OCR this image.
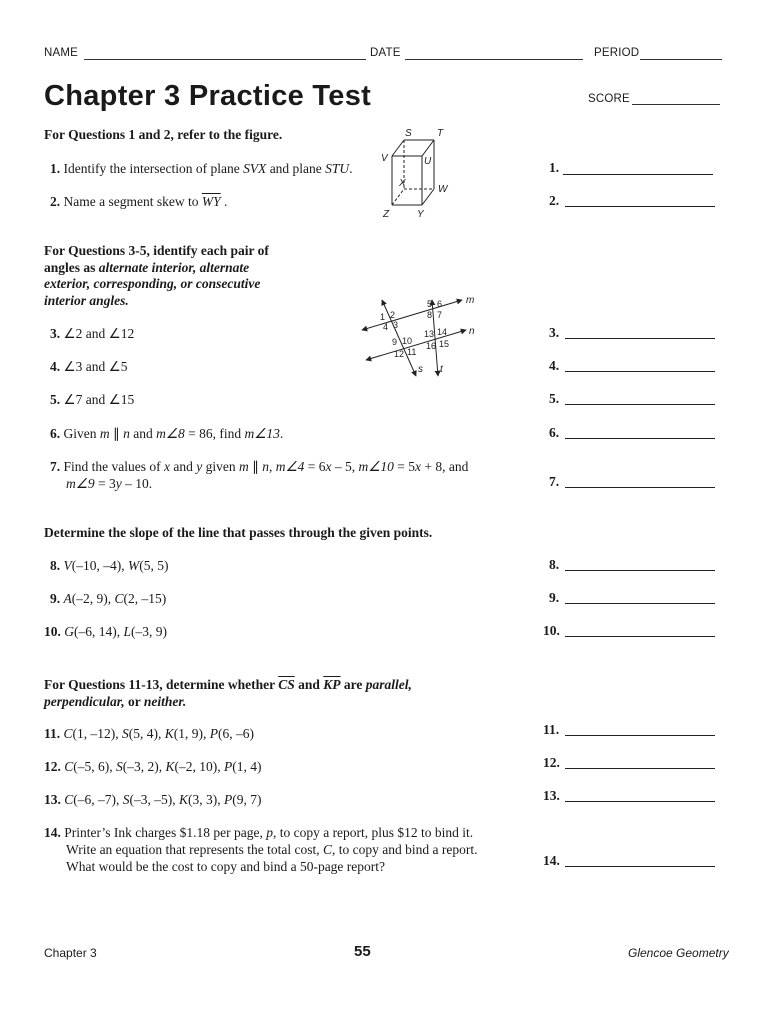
NAME	DATE	PERIOD
Chapter 3 Practice Test	SCORE
For Questions 1 and 2, refer to the figure.	S	T
V	U
X
W
Z	Y
1. Identify the intersection of plane SVX and plane STU.
2. Name a segment skew to $\overline{WY}$ .
For Questions 3-5, identify each pair of
angles as alternate interior, alternate
exterior, corresponding, or consecutive
interior angles.	m
n
s t
1 2
4 3
5 6
8 7
9 10
12 11
13 14
16 15
3. ∠2 and ∠12
4. ∠3 and ∠5
5. ∠7 and ∠15
6. Given m ∥ n and m∠8 = 86, find m∠13.
7. Find the values of x and y given m ∥ n, m∠4 = 6x – 5, m∠10 = 5x + 8, and
m∠9 = 3y – 10.
Determine the slope of the line that passes through the given points.
8. V(–10, –4), W(5, 5)
9. A(–2, 9), C(2, –15)
10. G(–6, 14), L(–3, 9)
For Questions 11-13, determine whether $\overline{CS}$ and $\overline{KP}$ are parallel,
perpendicular, or neither.
11. C(1, –12), S(5, 4), K(1, 9), P(6, –6)
12. C(–5, 6), S(–3, 2), K(–2, 10), P(1, 4)
13. C(–6, –7), S(–3, –5), K(3, 3), P(9, 7)
14. Printer’s Ink charges $1.18 per page, p, to copy a report, plus $12 to bind it.
Write an equation that represents the total cost, C, to copy and bind a report.
What would be the cost to copy and bind a 50-page report?
1.
2.
3.
4.
5.
6.
7.
8.
9.
10.
11.
12.
13.
14.
Chapter 3	55	Glencoe Geometry
